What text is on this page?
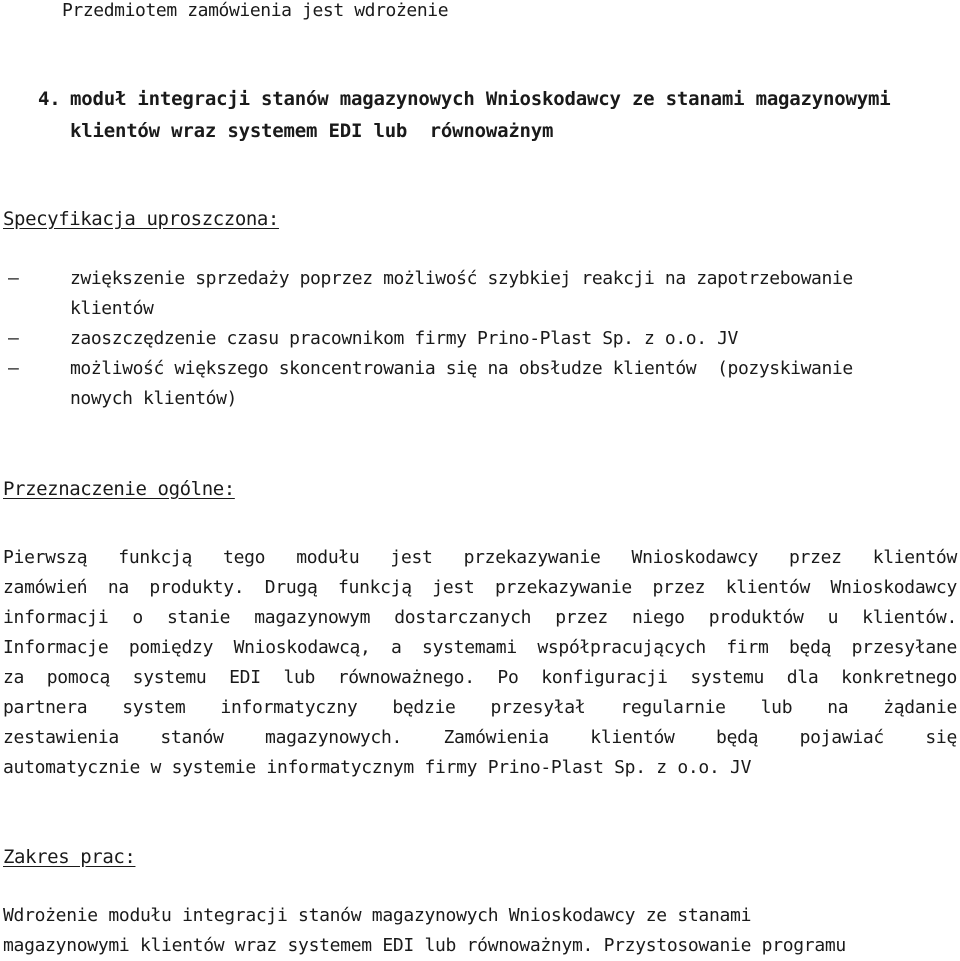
Przedmiotem zamówienia jest wdrożenie
4. moduł integracji stanów magazynowych Wnioskodawcy ze stanami magazynowymi
klientów wraz systemem EDI lub  równoważnym
Specyfikacja uproszczona:
–	zwiększenie sprzedaży poprzez możliwość szybkiej reakcji na zapotrzebowanie
klientów
–	zaoszczędzenie czasu pracownikom firmy Prino-Plast Sp. z o.o. JV
–	możliwość większego skoncentrowania się na obsłudze klientów  (pozyskiwanie
nowych klientów)
Przeznaczenie ogólne:
Pierwszą funkcją tego modułu jest przekazywanie Wnioskodawcy przez klientów
zamówień na produkty. Drugą funkcją jest przekazywanie przez klientów Wnioskodawcy
informacji o stanie magazynowym dostarczanych przez niego produktów u klientów.
Informacje pomiędzy Wnioskodawcą, a systemami współpracujących firm będą przesyłane
za pomocą systemu EDI lub równoważnego. Po konfiguracji systemu dla konkretnego
partnera system informatyczny będzie przesyłał regularnie lub na żądanie
zestawienia stanów magazynowych. Zamówienia klientów będą pojawiać się
automatycznie w systemie informatycznym firmy Prino-Plast Sp. z o.o. JV
Zakres prac:
Wdrożenie modułu integracji stanów magazynowych Wnioskodawcy ze stanami
magazynowymi klientów wraz systemem EDI lub równoważnym. Przystosowanie programu
